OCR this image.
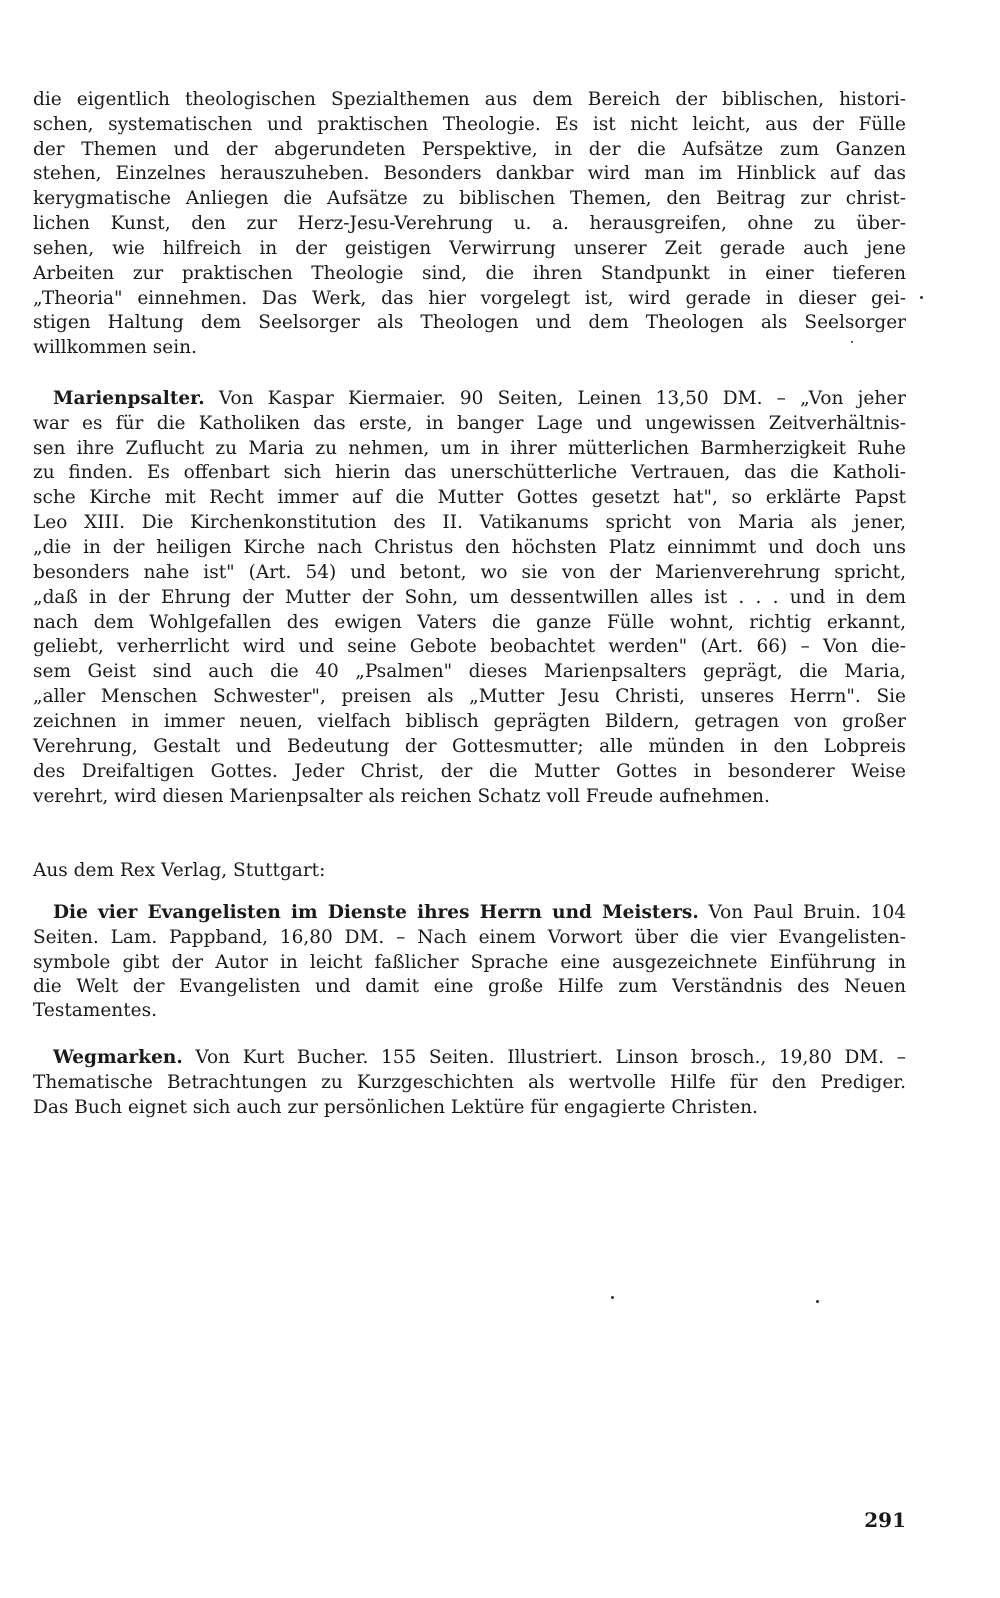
die eigentlich theologischen Spezialthemen aus dem Bereich der biblischen, histori-
schen, systematischen und praktischen Theologie. Es ist nicht leicht, aus der Fülle
der Themen und der abgerundeten Perspektive, in der die Aufsätze zum Ganzen
stehen, Einzelnes herauszuheben. Besonders dankbar wird man im Hinblick auf das
kerygmatische Anliegen die Aufsätze zu biblischen Themen, den Beitrag zur christ-
lichen Kunst, den zur Herz-Jesu-Verehrung u. a. herausgreifen, ohne zu über-
sehen, wie hilfreich in der geistigen Verwirrung unserer Zeit gerade auch jene
Arbeiten zur praktischen Theologie sind, die ihren Standpunkt in einer tieferen
„Theoria" einnehmen. Das Werk, das hier vorgelegt ist, wird gerade in dieser gei-
stigen Haltung dem Seelsorger als Theologen und dem Theologen als Seelsorger
willkommen sein.
Marienpsalter. Von Kaspar Kiermaier. 90 Seiten, Leinen 13,50 DM. – „Von jeher
war es für die Katholiken das erste, in banger Lage und ungewissen Zeitverhältnis-
sen ihre Zuflucht zu Maria zu nehmen, um in ihrer mütterlichen Barmherzigkeit Ruhe
zu finden. Es offenbart sich hierin das unerschütterliche Vertrauen, das die Katholi-
sche Kirche mit Recht immer auf die Mutter Gottes gesetzt hat", so erklärte Papst
Leo XIII. Die Kirchenkonstitution des II. Vatikanums spricht von Maria als jener,
„die in der heiligen Kirche nach Christus den höchsten Platz einnimmt und doch uns
besonders nahe ist" (Art. 54) und betont, wo sie von der Marienverehrung spricht,
„daß in der Ehrung der Mutter der Sohn, um dessentwillen alles ist . . . und in dem
nach dem Wohlgefallen des ewigen Vaters die ganze Fülle wohnt, richtig erkannt,
geliebt, verherrlicht wird und seine Gebote beobachtet werden" (Art. 66) – Von die-
sem Geist sind auch die 40 „Psalmen" dieses Marienpsalters geprägt, die Maria,
„aller Menschen Schwester", preisen als „Mutter Jesu Christi, unseres Herrn". Sie
zeichnen in immer neuen, vielfach biblisch geprägten Bildern, getragen von großer
Verehrung, Gestalt und Bedeutung der Gottesmutter; alle münden in den Lobpreis
des Dreifaltigen Gottes. Jeder Christ, der die Mutter Gottes in besonderer Weise
verehrt, wird diesen Marienpsalter als reichen Schatz voll Freude aufnehmen.
Aus dem Rex Verlag, Stuttgart:
Die vier Evangelisten im Dienste ihres Herrn und Meisters. Von Paul Bruin. 104
Seiten. Lam. Pappband, 16,80 DM. – Nach einem Vorwort über die vier Evangelisten-
symbole gibt der Autor in leicht faßlicher Sprache eine ausgezeichnete Einführung in
die Welt der Evangelisten und damit eine große Hilfe zum Verständnis des Neuen
Testamentes.
Wegmarken. Von Kurt Bucher. 155 Seiten. Illustriert. Linson brosch., 19,80 DM. –
Thematische Betrachtungen zu Kurzgeschichten als wertvolle Hilfe für den Prediger.
Das Buch eignet sich auch zur persönlichen Lektüre für engagierte Christen.
291
